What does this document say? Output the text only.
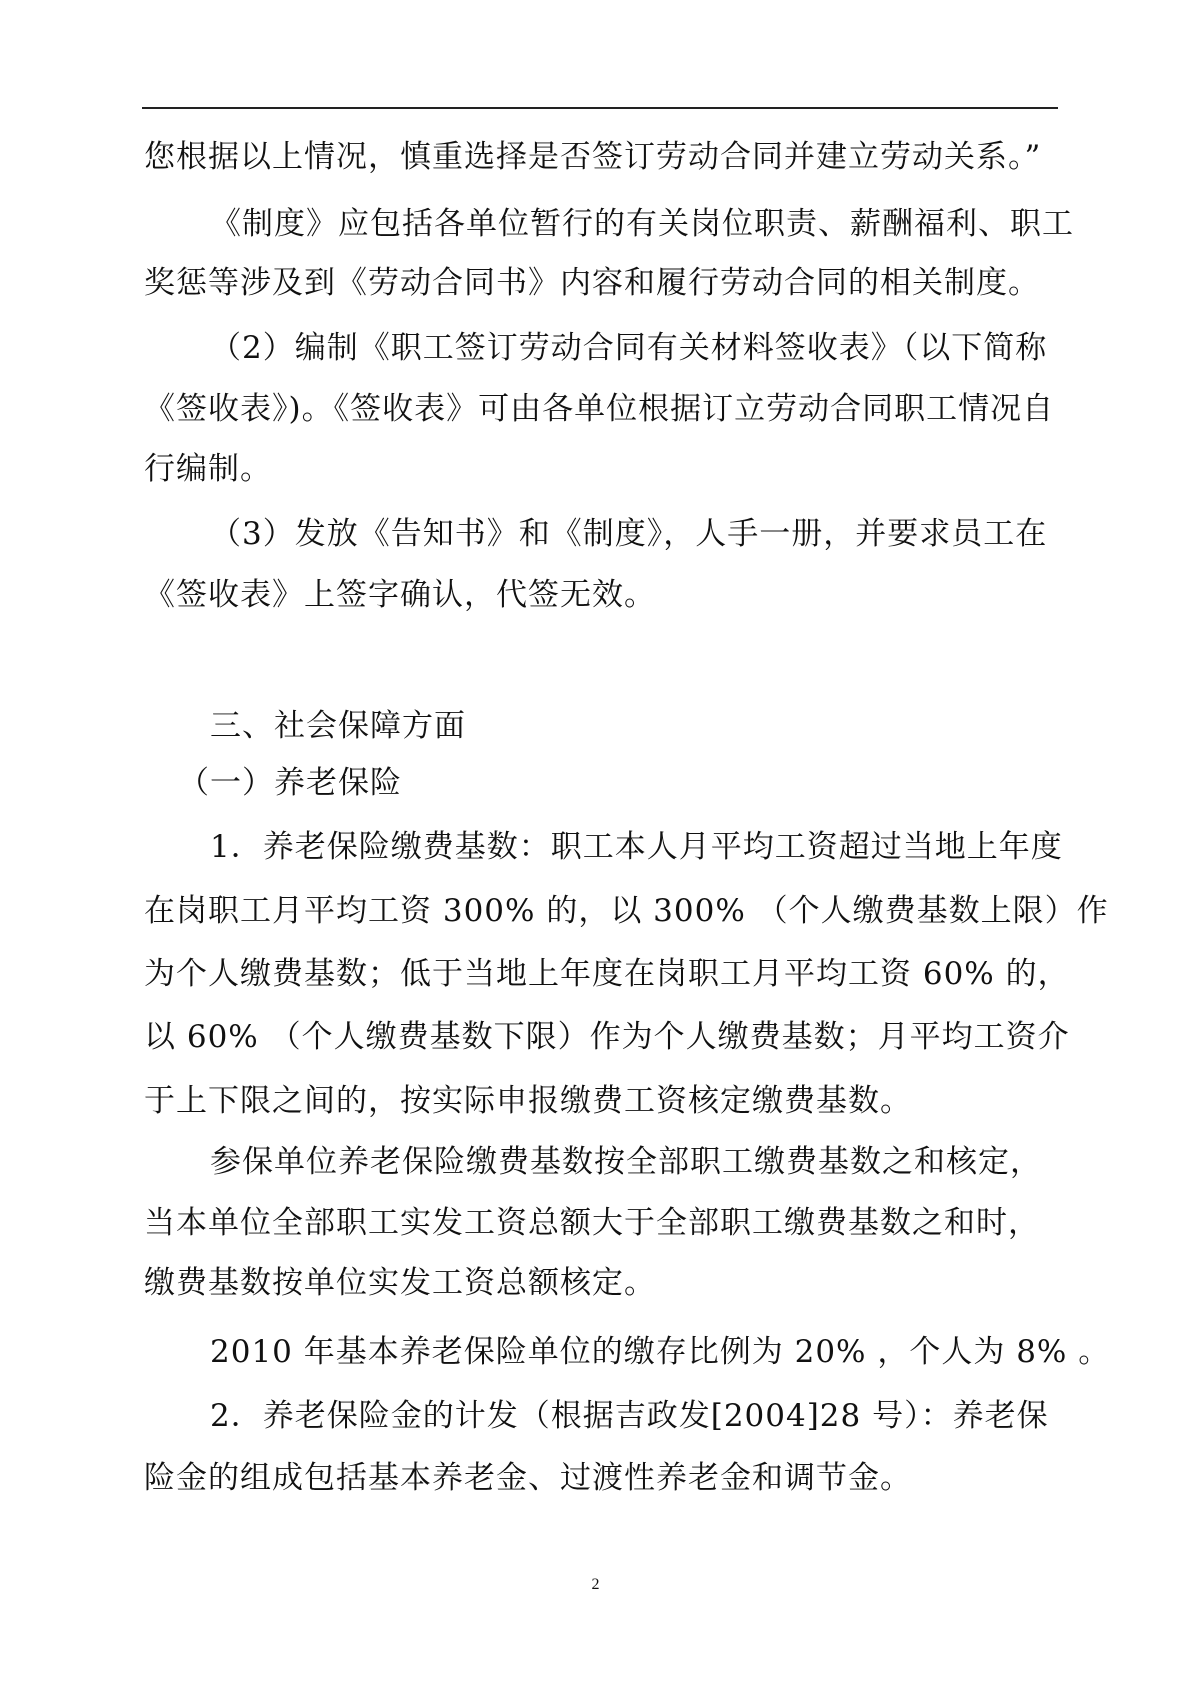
您根据以上情况，慎重选择是否签订劳动合同并建立劳动关系。”
《制度》应包括各单位暂行的有关岗位职责、薪酬福利、职工
奖惩等涉及到《劳动合同书》内容和履行劳动合同的相关制度。
（2）编制《职工签订劳动合同有关材料签收表》（以下简称
《签收表》)。《签收表》可由各单位根据订立劳动合同职工情况自
行编制。
（3）发放《告知书》和《制度》，人手一册，并要求员工在
《签收表》上签字确认，代签无效。
三、社会保障方面
（一）养老保险
1．养老保险缴费基数：职工本人月平均工资超过当地上年度
在岗职工月平均工资 300% 的，以 300% （个人缴费基数上限）作
为个人缴费基数；低于当地上年度在岗职工月平均工资 60% 的，
以 60% （个人缴费基数下限）作为个人缴费基数；月平均工资介
于上下限之间的，按实际申报缴费工资核定缴费基数。
参保单位养老保险缴费基数按全部职工缴费基数之和核定，
当本单位全部职工实发工资总额大于全部职工缴费基数之和时，
缴费基数按单位实发工资总额核定。
2010 年基本养老保险单位的缴存比例为 20% ，个人为 8% 。
2．养老保险金的计发（根据吉政发[2004]28 号）：养老保
险金的组成包括基本养老金、过渡性养老金和调节金。
2
